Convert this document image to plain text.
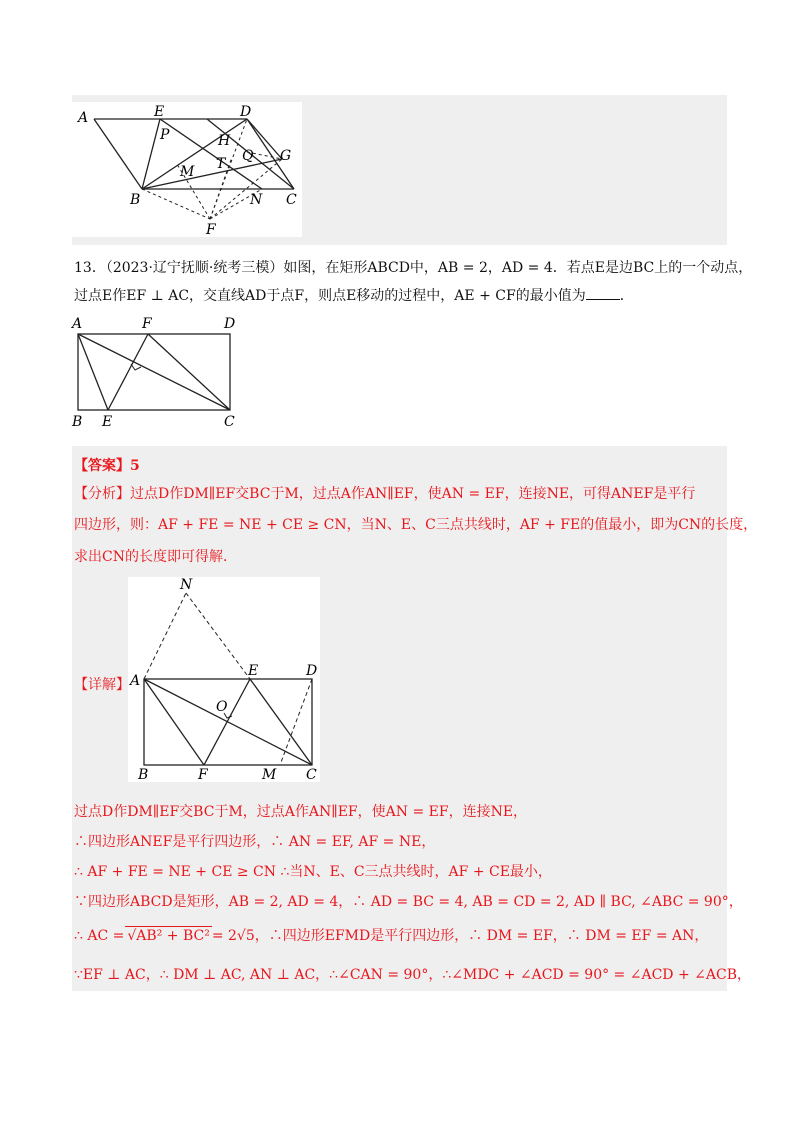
A	E	D
P	H
Q G
M T
B	N C
F
13．（2023·辽宁抚顺·统考三模）如图，在矩形ABCD中，AB = 2，AD = 4．若点E是边BC上的一个动点，
过点E作EF ⊥ AC，交直线AD于点F，则点E移动的过程中，AE + CF的最小值为 ．
A	F	D
B E	C
【答案】5
【分析】过点D作DM∥EF交BC于M，过点A作AN∥EF，使AN = EF，连接NE，可得ANEF是平行
四边形，则：AF + FE = NE + CE ≥ CN，当N、E、C三点共线时，AF + FE的值最小，即为CN的长度，
求出CN的长度即可得解．
N
A
E	D
O
B	F	M C
【详解】
过点D作DM∥EF交BC于M，过点A作AN∥EF，使AN = EF，连接NE，
∴四边形ANEF是平行四边形，∴ AN = EF, AF = NE，
∴ AF + FE = NE + CE ≥ CN ∴当N、E、C三点共线时，AF + CE最小，
∵四边形ABCD是矩形，AB = 2, AD = 4，∴ AD = BC = 4, AB = CD = 2, AD ∥ BC, ∠ABC = 90°，
∴ AC = √AB² + BC² = 2√5，∴四边形EFMD是平行四边形，∴ DM = EF，∴ DM = EF = AN，
∵EF ⊥ AC，∴ DM ⊥ AC, AN ⊥ AC，∴∠CAN = 90°，∴∠MDC + ∠ACD = 90° = ∠ACD + ∠ACB，
